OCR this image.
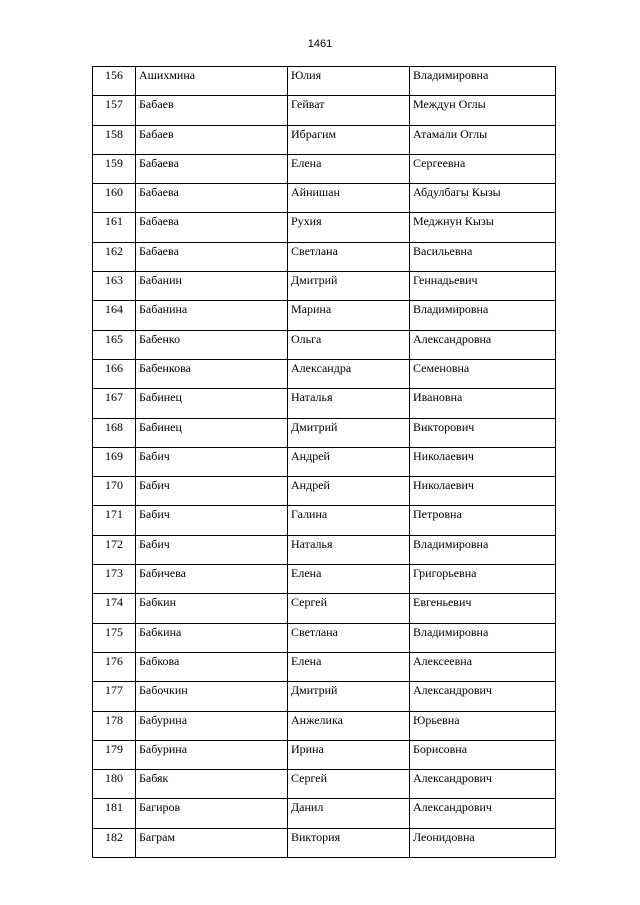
1461
156	Ашихмина	Юлия	Владимировна
157	Бабаев	Гейват	Междун Оглы
158	Бабаев	Ибрагим	Атамали Оглы
159	Бабаева	Елена	Сергеевна
160	Бабаева	Айнишан	Абдулбагы Кызы
161	Бабаева	Рухия	Меджнун Кызы
162	Бабаева	Светлана	Васильевна
163	Бабанин	Дмитрий	Геннадьевич
164	Бабанина	Марина	Владимировна
165	Бабенко	Ольга	Александровна
166	Бабенкова	Александра	Семеновна
167	Бабинец	Наталья	Ивановна
168	Бабинец	Дмитрий	Викторович
169	Бабич	Андрей	Николаевич
170	Бабич	Андрей	Николаевич
171	Бабич	Галина	Петровна
172	Бабич	Наталья	Владимировна
173	Бабичева	Елена	Григорьевна
174	Бабкин	Сергей	Евгеньевич
175	Бабкина	Светлана	Владимировна
176	Бабкова	Елена	Алексеевна
177	Бабочкин	Дмитрий	Александрович
178	Бабурина	Анжелика	Юрьевна
179	Бабурина	Ирина	Борисовна
180	Бабяк	Сергей	Александрович
181	Багиров	Данил	Александрович
182	Баграм	Виктория	Леонидовна
